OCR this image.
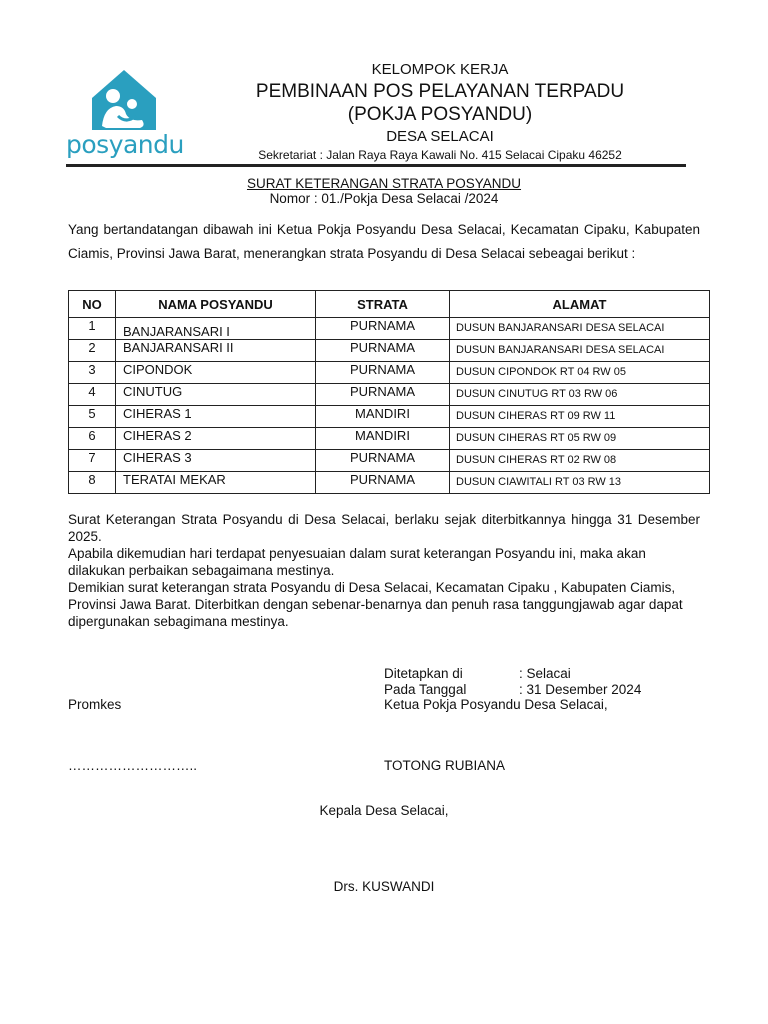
posyandu
KELOMPOK KERJA
PEMBINAAN POS PELAYANAN TERPADU
(POKJA POSYANDU)
DESA SELACAI
Sekretariat : Jalan Raya Raya Kawali No. 415 Selacai Cipaku 46252
SURAT KETERANGAN STRATA POSYANDU
Nomor : 01./Pokja Desa Selacai /2024
Yang bertandatangan dibawah ini Ketua Pokja Posyandu Desa Selacai, Kecamatan Cipaku, Kabupaten Ciamis, Provinsi Jawa Barat, menerangkan strata Posyandu di Desa Selacai sebeagai berikut :
NO	NAMA POSYANDU	STRATA	ALAMAT
1	BANJARANSARI I	PURNAMA	DUSUN BANJARANSARI DESA SELACAI
2	BANJARANSARI II	PURNAMA	DUSUN BANJARANSARI DESA SELACAI
3	CIPONDOK	PURNAMA	DUSUN CIPONDOK RT 04 RW 05
4	CINUTUG	PURNAMA	DUSUN CINUTUG RT 03 RW 06
5	CIHERAS 1	MANDIRI	DUSUN CIHERAS RT 09 RW 11
6	CIHERAS 2	MANDIRI	DUSUN CIHERAS RT 05 RW 09
7	CIHERAS 3	PURNAMA	DUSUN CIHERAS RT 02 RW 08
8	TERATAI MEKAR	PURNAMA	DUSUN CIAWITALI RT 03 RW 13
Surat Keterangan Strata Posyandu di Desa Selacai, berlaku sejak diterbitkannya hingga 31 Desember 2025.
Apabila dikemudian hari terdapat penyesuaian dalam surat keterangan Posyandu ini, maka akan dilakukan perbaikan sebagaimana mestinya.
Demikian surat keterangan strata Posyandu di Desa Selacai, Kecamatan Cipaku , Kabupaten Ciamis, Provinsi Jawa Barat. Diterbitkan dengan sebenar-benarnya dan penuh rasa tanggungjawab agar dapat dipergunakan sebagimana mestinya.
Ditetapkan di	: Selacai
Pada Tanggal	: 31 Desember 2024
Ketua Pokja Posyandu Desa Selacai,
Promkes
………………………..	TOTONG RUBIANA
Kepala Desa Selacai,
Drs. KUSWANDI
